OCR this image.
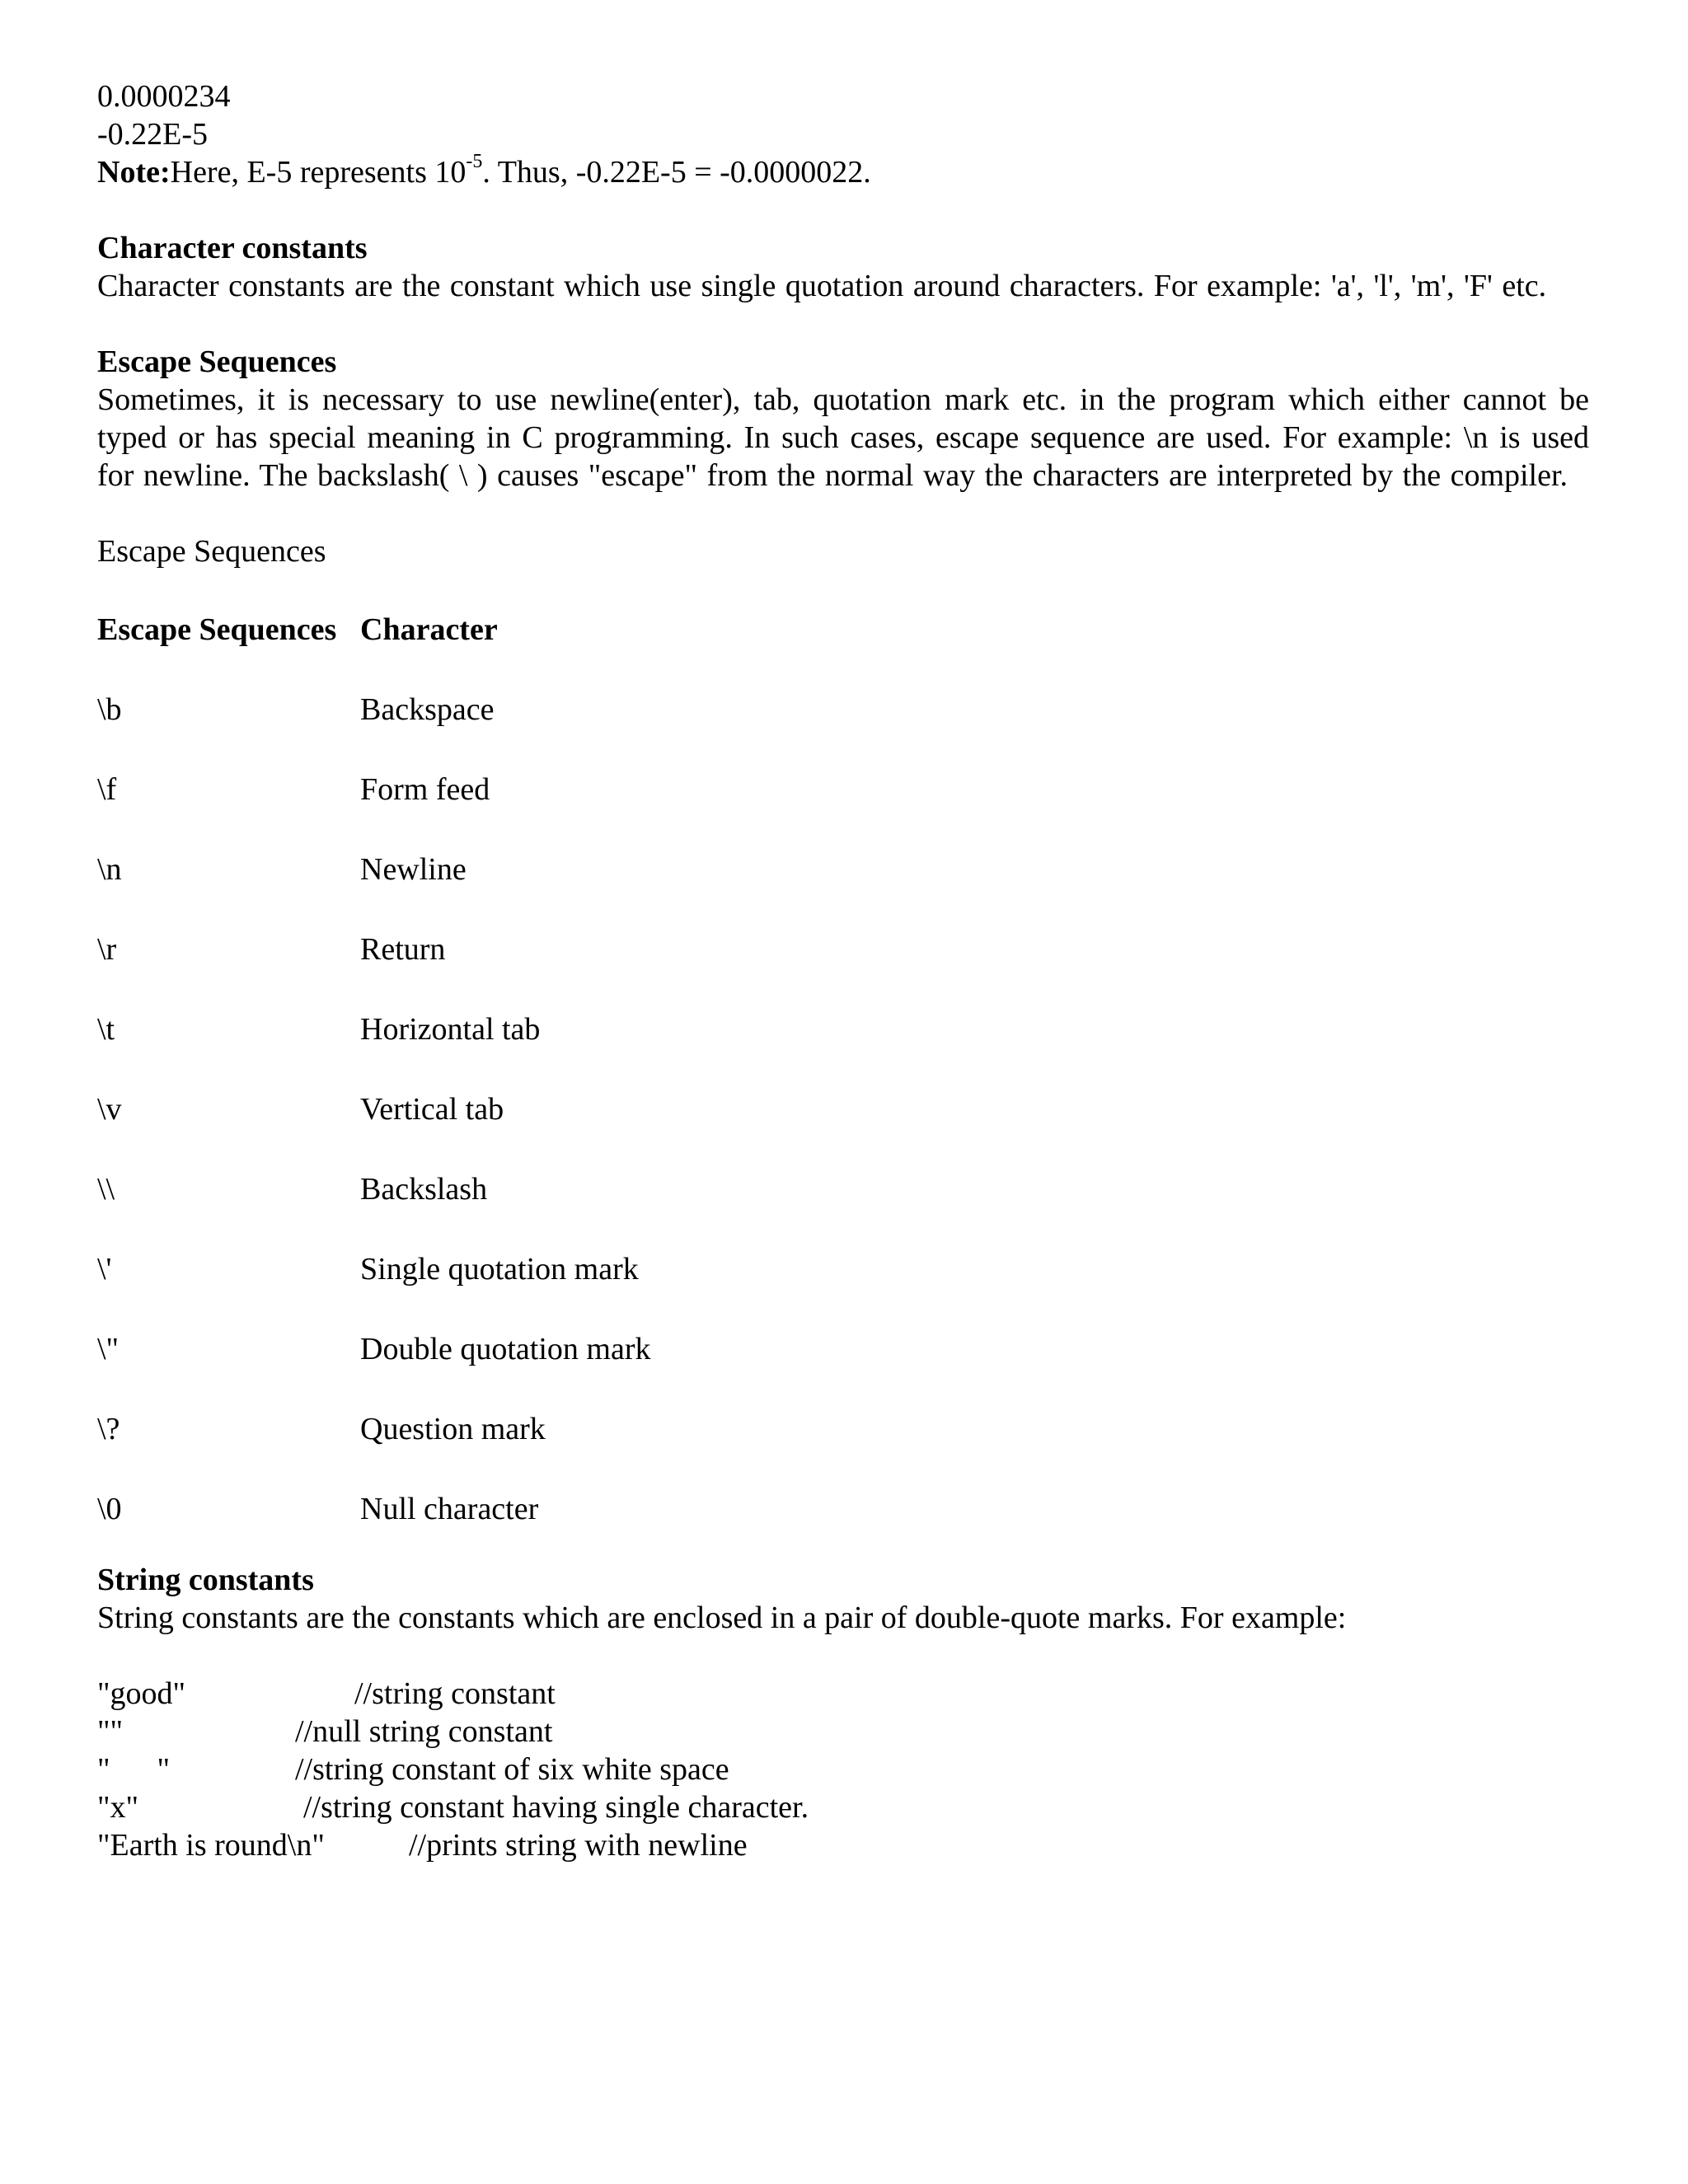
0.0000234
-0.22E-5
Note:Here, E-5 represents $10^{-5}$. Thus, -0.22E-5 = -0.0000022.
Character constants
Character constants are the constant which use single quotation around characters. For example: 'a', 'l', 'm', 'F' etc.
Escape Sequences
Sometimes, it is necessary to use newline(enter), tab, quotation mark etc. in the program which either cannot be typed or has special meaning in C programming. In such cases, escape sequence are used. For example: \n is used for newline. The backslash( \ ) causes "escape" from the normal way the characters are interpreted by the compiler.
Escape Sequences
Escape Sequences Character
\b	Backspace
\f	Form feed
\n	Newline
\r	Return
\t	Horizontal tab
\v	Vertical tab
\\	Backslash
\'	Single quotation mark
\"	Double quotation mark
\?	Question mark
\0	Null character
String constants
String constants are the constants which are enclosed in a pair of double-quote marks. For example:
"good"	//string constant
""	//null string constant
"      "	//string constant of six white space
"x"	//string constant having single character.
"Earth is round\n"	//prints string with newline
